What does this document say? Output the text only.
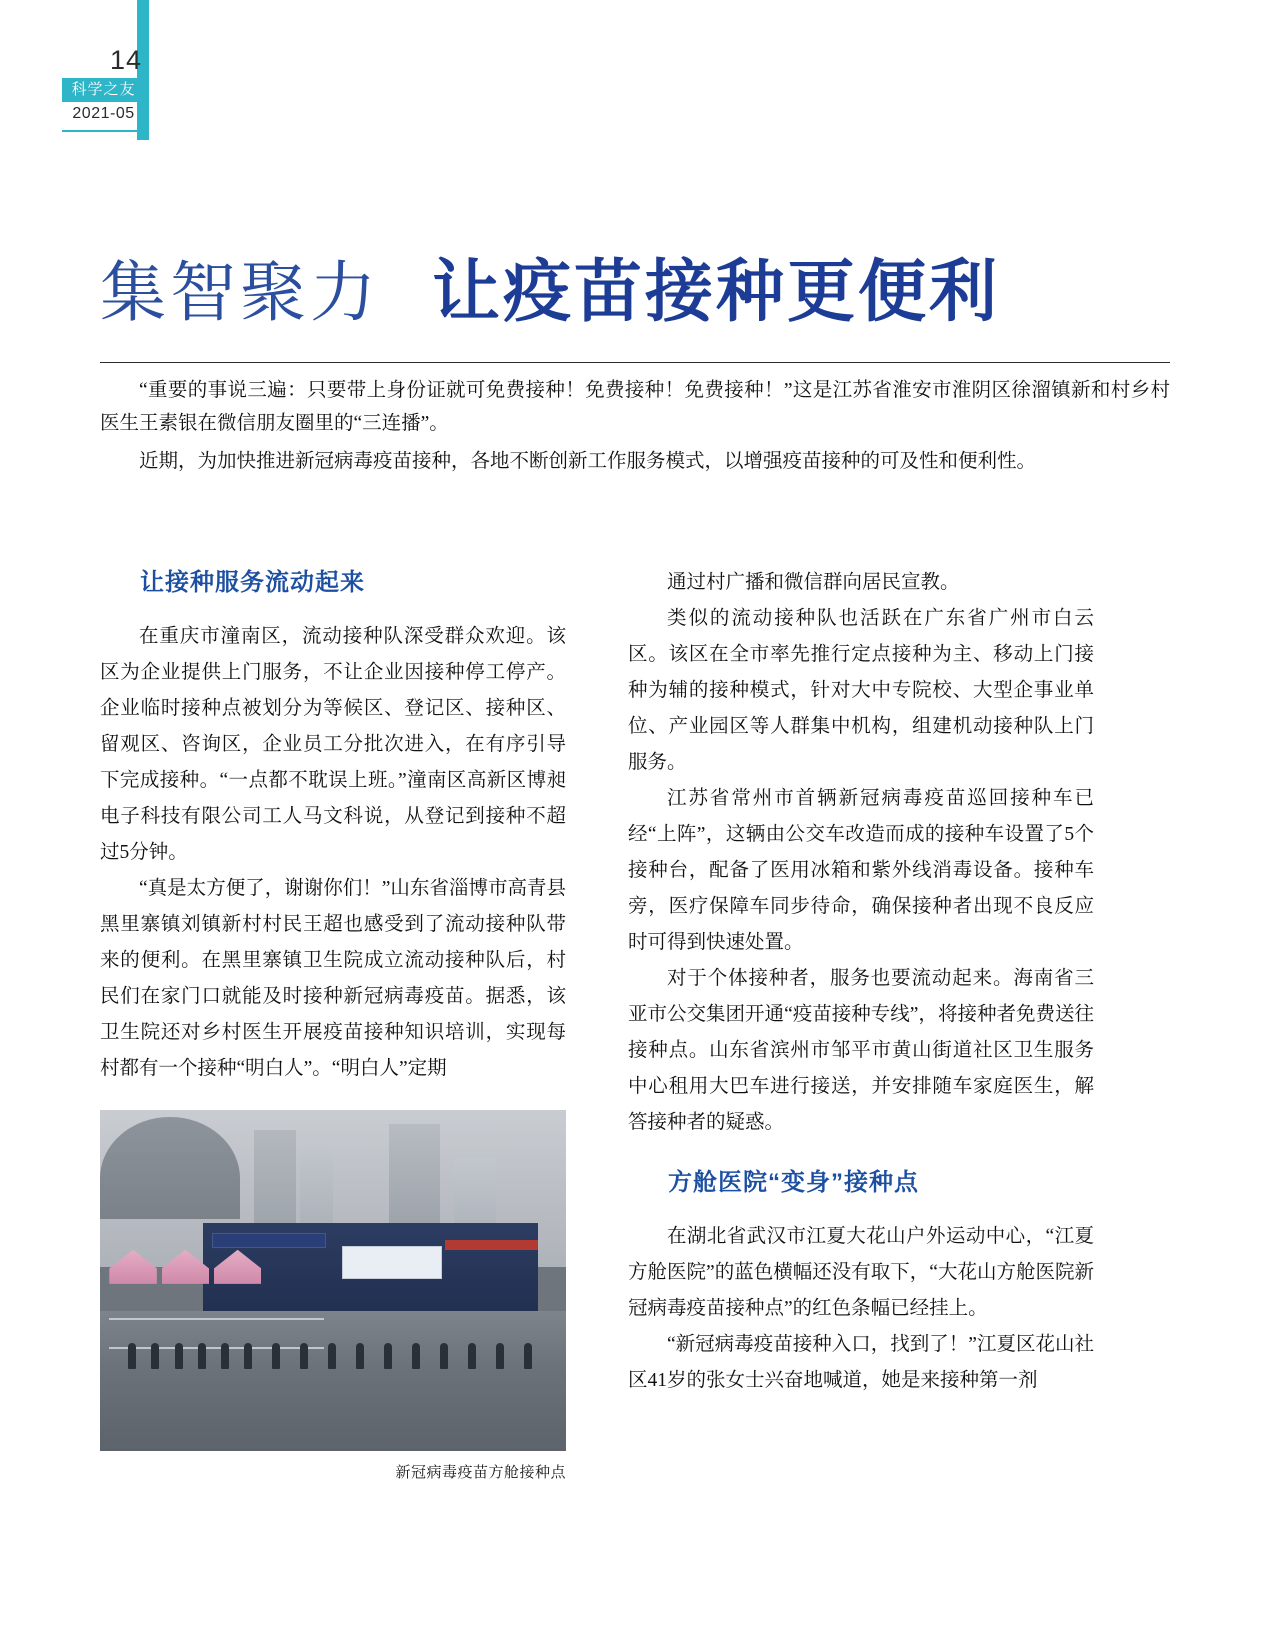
14
科学之友
2021-05
集智聚力 让疫苗接种更便利

“重要的事说三遍：只要带上身份证就可免费接种！免费接种！免费接种！”这是江苏省淮安市淮阴区徐溜镇新和村乡村医生王素银在微信朋友圈里的“三连播”。

近期，为加快推进新冠病毒疫苗接种，各地不断创新工作服务模式，以增强疫苗接种的可及性和便利性。

让接种服务流动起来

在重庆市潼南区，流动接种队深受群众欢迎。该区为企业提供上门服务，不让企业因接种停工停产。企业临时接种点被划分为等候区、登记区、接种区、留观区、咨询区，企业员工分批次进入，在有序引导下完成接种。“一点都不耽误上班。”潼南区高新区博昶电子科技有限公司工人马文科说，从登记到接种不超过5分钟。

“真是太方便了，谢谢你们！”山东省淄博市高青县黑里寨镇刘镇新村村民王超也感受到了流动接种队带来的便利。在黑里寨镇卫生院成立流动接种队后，村民们在家门口就能及时接种新冠病毒疫苗。据悉，该卫生院还对乡村医生开展疫苗接种知识培训，实现每村都有一个接种“明白人”。“明白人”定期

通过村广播和微信群向居民宣教。

类似的流动接种队也活跃在广东省广州市白云区。该区在全市率先推行定点接种为主、移动上门接种为辅的接种模式，针对大中专院校、大型企事业单位、产业园区等人群集中机构，组建机动接种队上门服务。

江苏省常州市首辆新冠病毒疫苗巡回接种车已经“上阵”，这辆由公交车改造而成的接种车设置了5个接种台，配备了医用冰箱和紫外线消毒设备。接种车旁，医疗保障车同步待命，确保接种者出现不良反应时可得到快速处置。

对于个体接种者，服务也要流动起来。海南省三亚市公交集团开通“疫苗接种专线”，将接种者免费送往接种点。山东省滨州市邹平市黄山街道社区卫生服务中心租用大巴车进行接送，并安排随车家庭医生，解答接种者的疑惑。

方舱医院“变身”接种点

在湖北省武汉市江夏大花山户外运动中心，“江夏方舱医院”的蓝色横幅还没有取下，“大花山方舱医院新冠病毒疫苗接种点”的红色条幅已经挂上。

“新冠病毒疫苗接种入口，找到了！”江夏区花山社区41岁的张女士兴奋地喊道，她是来接种第一剂

新冠病毒疫苗方舱接种点
